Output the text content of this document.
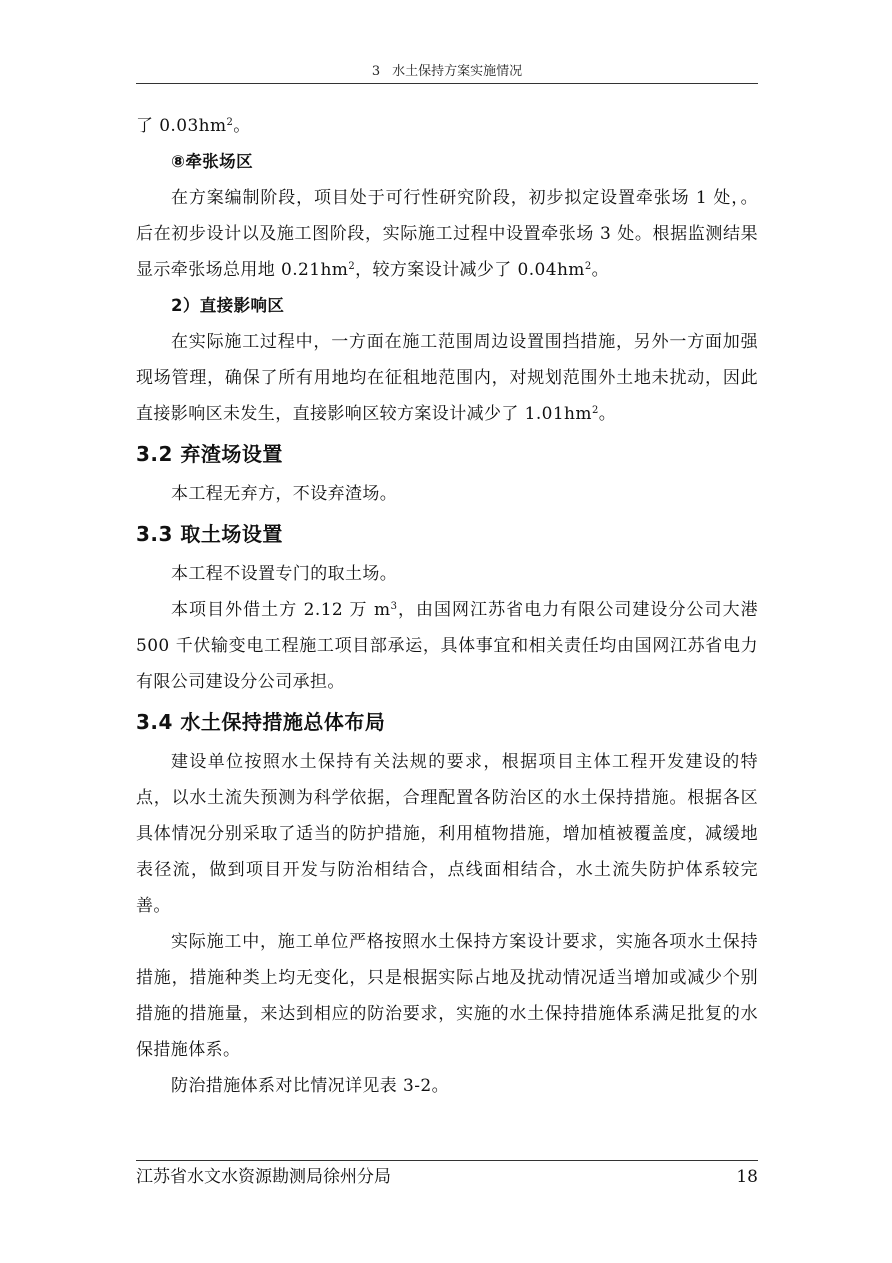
3 水土保持方案实施情况

了 $0.03hm^2$。

⑧牵张场区

在方案编制阶段，项目处于可行性研究阶段，初步拟定设置牵张场 1 处，。后在初步设计以及施工图阶段，实际施工过程中设置牵张场 3 处。根据监测结果显示牵张场总用地 $0.21hm^2$，较方案设计减少了 $0.04hm^2$。

2）直接影响区

在实际施工过程中，一方面在施工范围周边设置围挡措施，另外一方面加强现场管理，确保了所有用地均在征租地范围内，对规划范围外土地未扰动，因此直接影响区未发生，直接影响区较方案设计减少了 $1.01hm^2$。

3.2 弃渣场设置

本工程无弃方，不设弃渣场。

3.3 取土场设置

本工程不设置专门的取土场。

本项目外借土方 2.12 万 $m^3$，由国网江苏省电力有限公司建设分公司大港 500 千伏输变电工程施工项目部承运，具体事宜和相关责任均由国网江苏省电力有限公司建设分公司承担。

3.4 水土保持措施总体布局

建设单位按照水土保持有关法规的要求，根据项目主体工程开发建设的特点，以水土流失预测为科学依据，合理配置各防治区的水土保持措施。根据各区具体情况分别采取了适当的防护措施，利用植物措施，增加植被覆盖度，减缓地表径流，做到项目开发与防治相结合，点线面相结合，水土流失防护体系较完善。

实际施工中，施工单位严格按照水土保持方案设计要求，实施各项水土保持措施，措施种类上均无变化，只是根据实际占地及扰动情况适当增加或减少个别措施的措施量，来达到相应的防治要求，实施的水土保持措施体系满足批复的水保措施体系。

防治措施体系对比情况详见表 3-2。

江苏省水文水资源勘测局徐州分局	18
